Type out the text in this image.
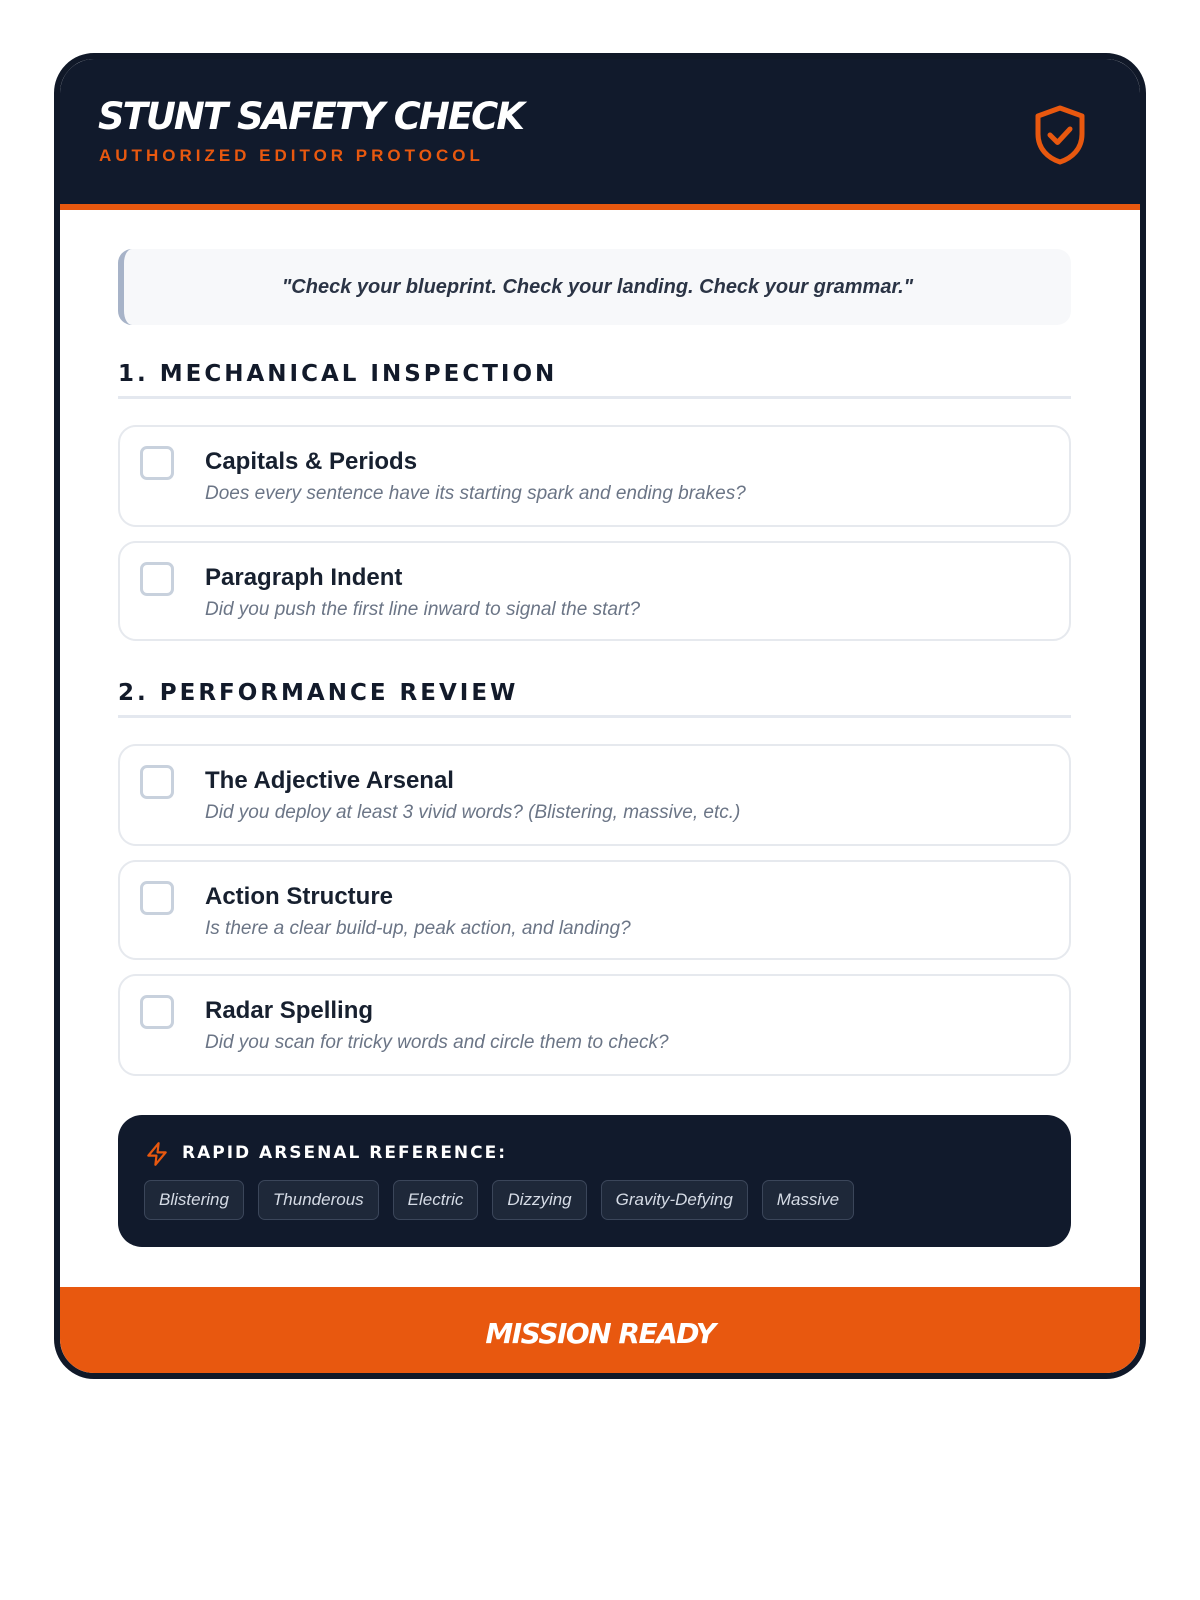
STUNT SAFETY CHECK
AUTHORIZED EDITOR PROTOCOL
"Check your blueprint. Check your landing. Check your grammar."
1. MECHANICAL INSPECTION
Capitals & Periods
Does every sentence have its starting spark and ending brakes?
Paragraph Indent
Did you push the first line inward to signal the start?
2. PERFORMANCE REVIEW
The Adjective Arsenal
Did you deploy at least 3 vivid words? (Blistering, massive, etc.)
Action Structure
Is there a clear build-up, peak action, and landing?
Radar Spelling
Did you scan for tricky words and circle them to check?
RAPID ARSENAL REFERENCE:
Blistering	Thunderous	Electric	Dizzying	Gravity-Defying	Massive
MISSION READY
